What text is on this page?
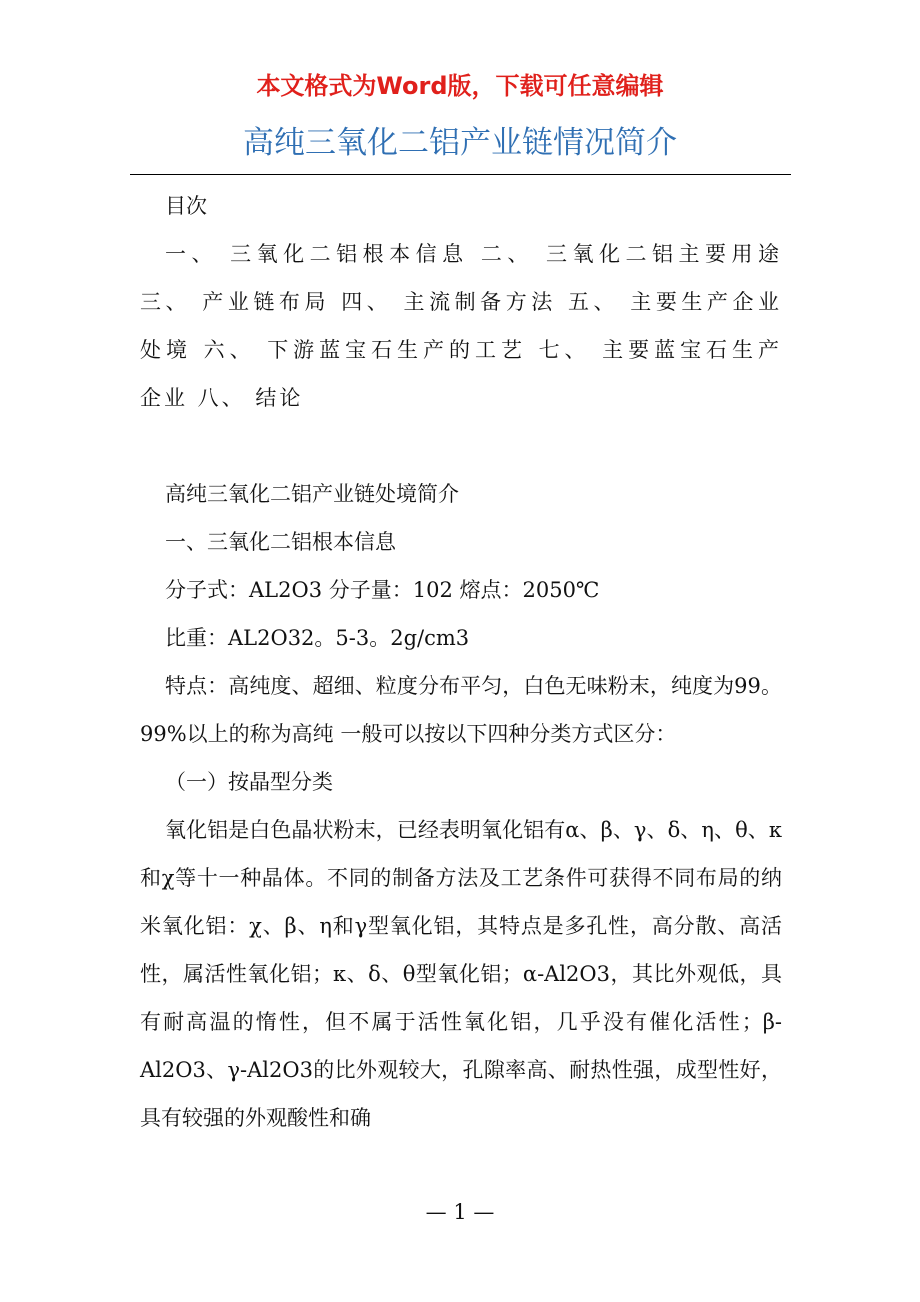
本文格式为Word版，下载可任意编辑
高纯三氧化二铝产业链情况简介

目次

一、 三氧化二铝根本信息 二、 三氧化二铝主要用途

三、 产业链布局 四、 主流制备方法 五、 主要生产企业

处境 六、 下游蓝宝石生产的工艺 七、 主要蓝宝石生产

企业 八、 结论

高纯三氧化二铝产业链处境简介

一、三氧化二铝根本信息

分子式：AL2O3 分子量：102 熔点：2050℃

比重：AL2O32。5-3。2g/cm3

特点：高纯度、超细、粒度分布平匀，白色无味粉末，纯度为99。99%以上的称为高纯 一般可以按以下四种分类方式区分：

（一）按晶型分类

氧化铝是白色晶状粉末，已经表明氧化铝有α、β、γ、δ、η、θ、κ和χ等十一种晶体。不同的制备方法及工艺条件可获得不同布局的纳米氧化铝：χ、β、η和γ型氧化铝，其特点是多孔性，高分散、高活性，属活性氧化铝；κ、δ、θ型氧化铝；α-Al2O3，其比外观低，具有耐高温的惰性，但不属于活性氧化铝，几乎没有催化活性；β-Al2O3、γ-Al2O3的比外观较大，孔隙率高、耐热性强，成型性好，具有较强的外观酸性和确

— 1 —
